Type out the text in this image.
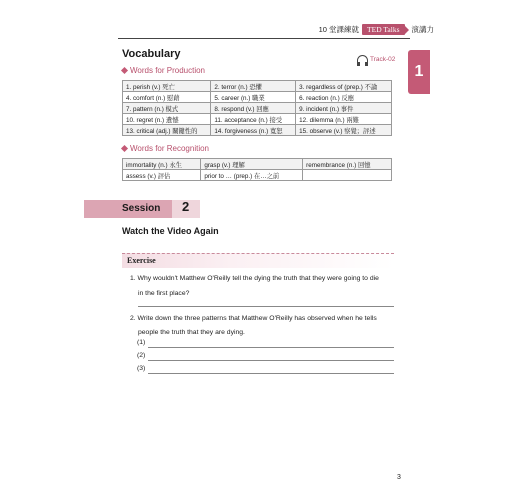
10 堂課練就	TED Talks	演講力
1
Vocabulary	Track-02
Words for Production
1. perish (v.) 死亡	2. terror (n.) 恐懼	3. regardless of (prep.) 不論
4. comfort (n.) 慰藉	5. career (n.) 職業	6. reaction (n.) 反應
7. pattern (n.) 模式	8. respond (v.) 回應	9. incident (n.) 事件
10. regret (n.) 遺憾	11. acceptance (n.) 接受	12. dilemma (n.) 兩難
13. critical (adj.) 關鍵性的	14. forgiveness (n.) 寬恕	15. observe (v.) 察覺；評述
Words for Recognition
immortality (n.) 永生	grasp (v.) 理解	remembrance (n.) 回憶
assess (v.) 評估	prior to … (prep.) 在…之前	
Session 2
Watch the Video Again
Exercise
1. Why wouldn't Matthew O'Reilly tell the dying the truth that they were going to die
in the first place?
2. Write down the three patterns that Matthew O'Reilly has observed when he tells
people the truth that they are dying.
(1)
(2)
(3)
3
